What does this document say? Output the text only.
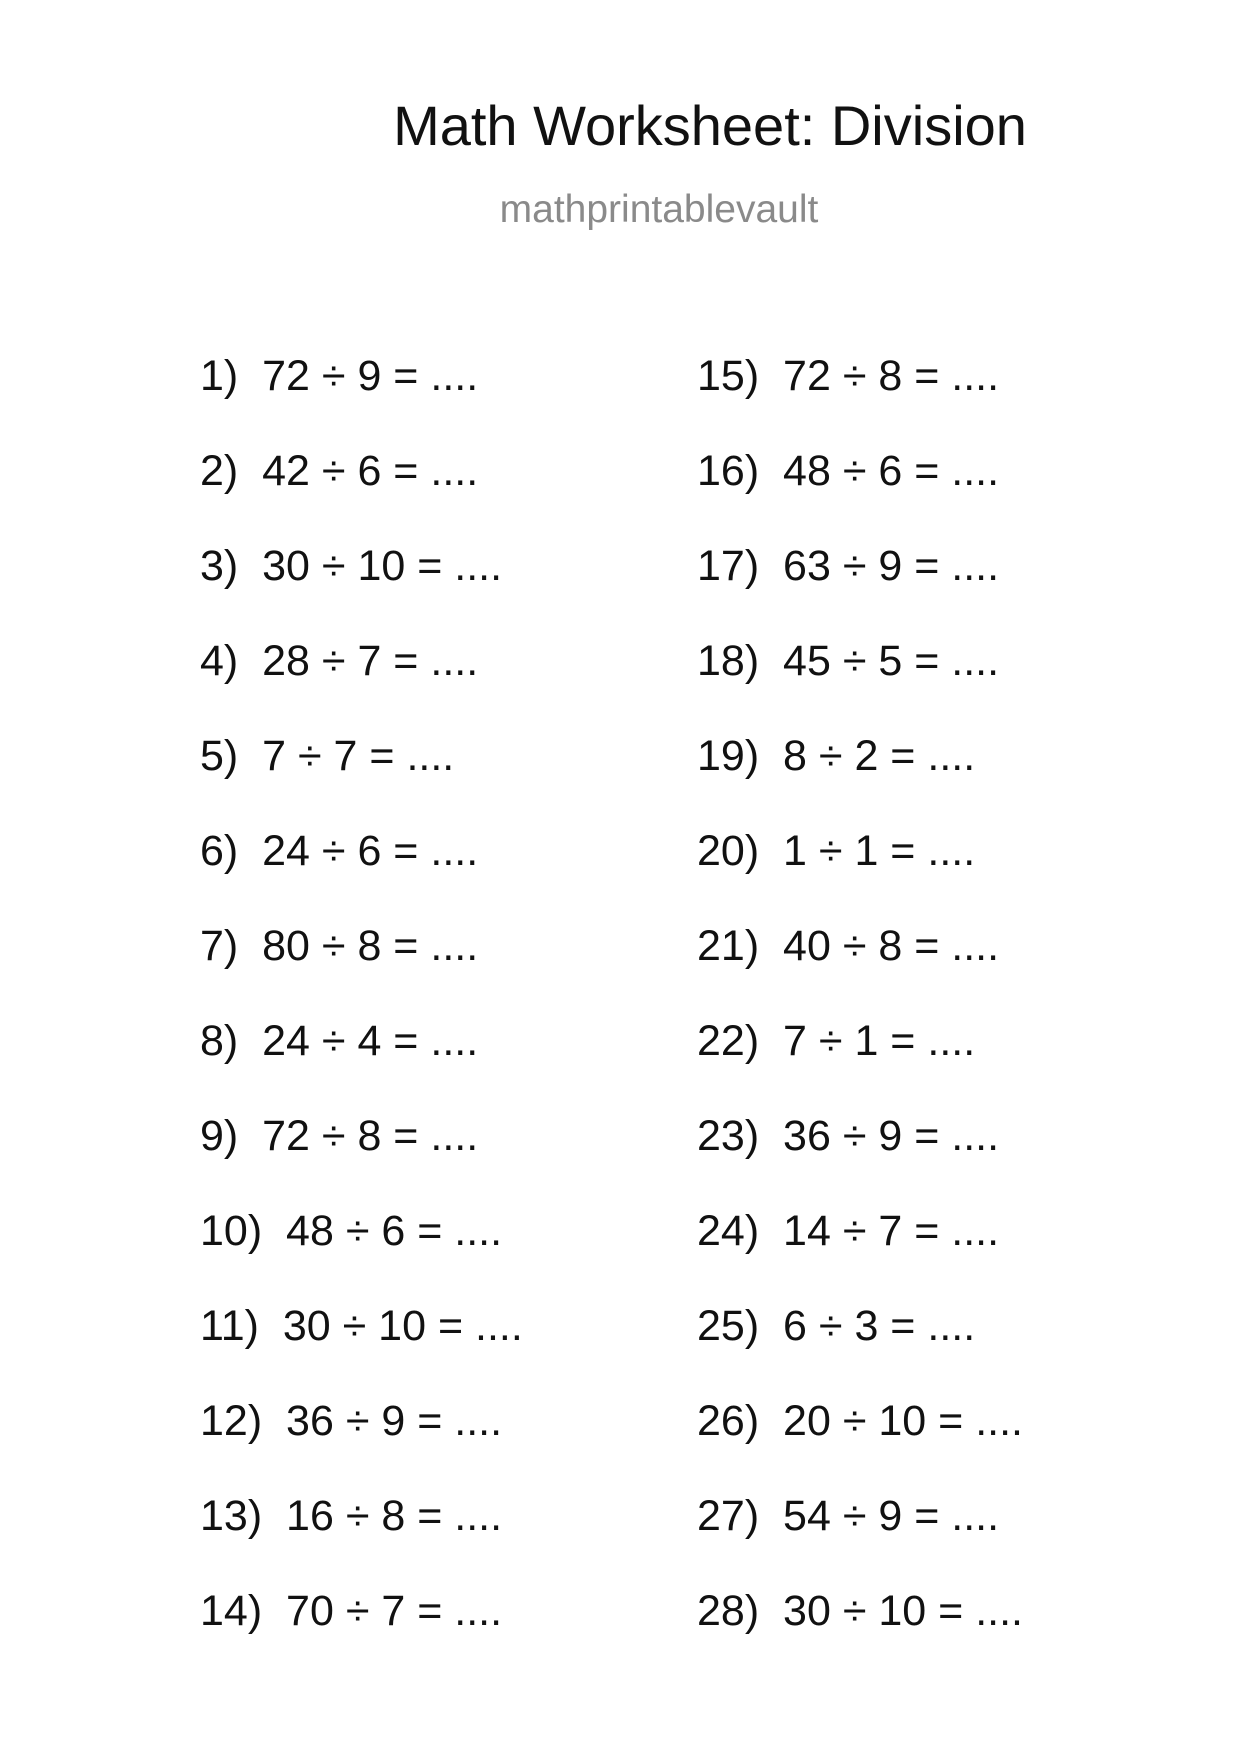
Math Worksheet: Division
mathprintablevault
1)  72 ÷ 9 = ....
2)  42 ÷ 6 = ....
3)  30 ÷ 10 = ....
4)  28 ÷ 7 = ....
5)  7 ÷ 7 = ....
6)  24 ÷ 6 = ....
7)  80 ÷ 8 = ....
8)  24 ÷ 4 = ....
9)  72 ÷ 8 = ....
10)  48 ÷ 6 = ....
11)  30 ÷ 10 = ....
12)  36 ÷ 9 = ....
13)  16 ÷ 8 = ....
14)  70 ÷ 7 = ....
15)  72 ÷ 8 = ....
16)  48 ÷ 6 = ....
17)  63 ÷ 9 = ....
18)  45 ÷ 5 = ....
19)  8 ÷ 2 = ....
20)  1 ÷ 1 = ....
21)  40 ÷ 8 = ....
22)  7 ÷ 1 = ....
23)  36 ÷ 9 = ....
24)  14 ÷ 7 = ....
25)  6 ÷ 3 = ....
26)  20 ÷ 10 = ....
27)  54 ÷ 9 = ....
28)  30 ÷ 10 = ....
